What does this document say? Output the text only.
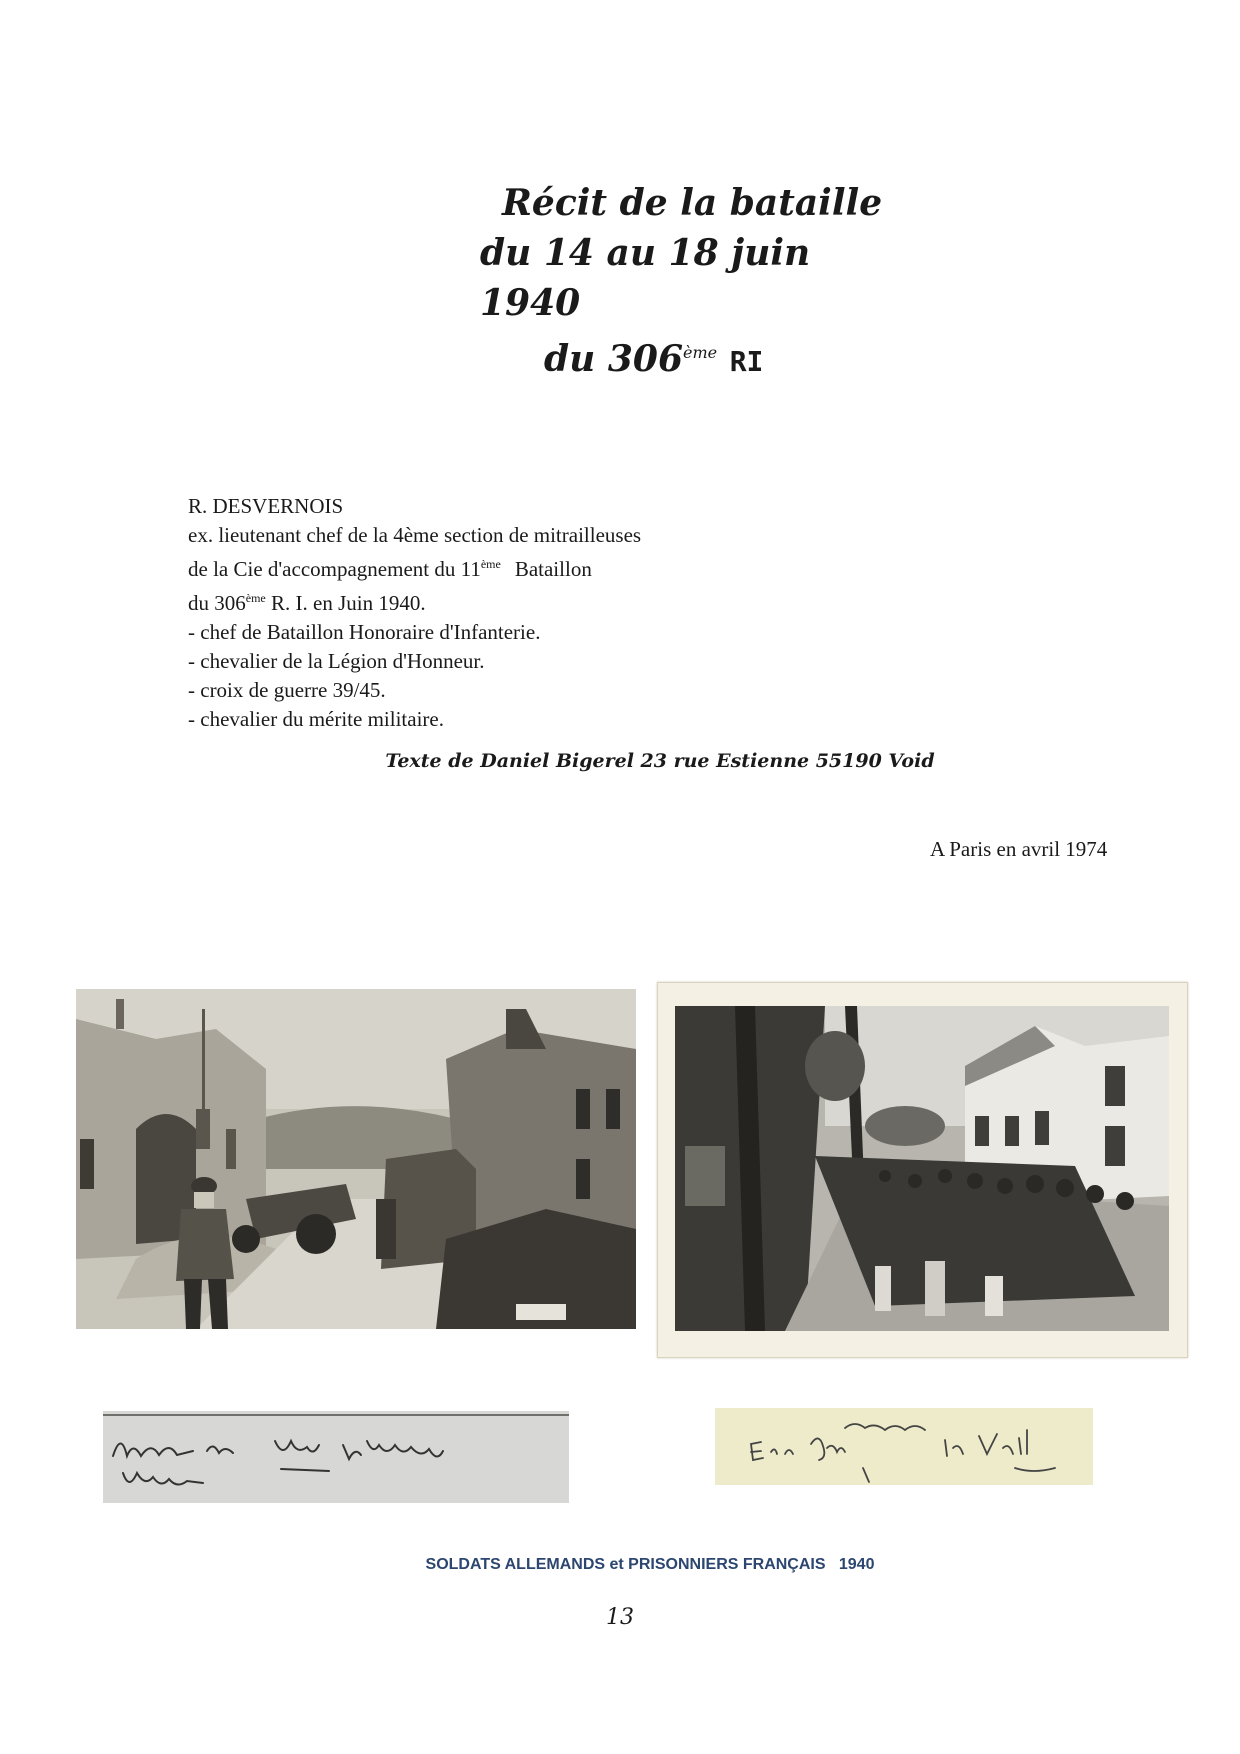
Récit de la bataille
du 14 au 18 juin 1940
du 306ème RI
R. DESVERNOIS
ex. lieutenant chef de la 4ème section de mitrailleuses
de la Cie d'accompagnement du 11ème Bataillon
du 306ème R. I. en Juin 1940.
- chef de Bataillon Honoraire d'Infanterie.
- chevalier de la Légion d'Honneur.
- croix de guerre 39/45.
- chevalier du mérite militaire.
Texte de Daniel Bigerel 23 rue Estienne 55190 Void
A Paris en avril 1974
SOLDATS ALLEMANDS et PRISONNIERS FRANÇAIS   1940
13
